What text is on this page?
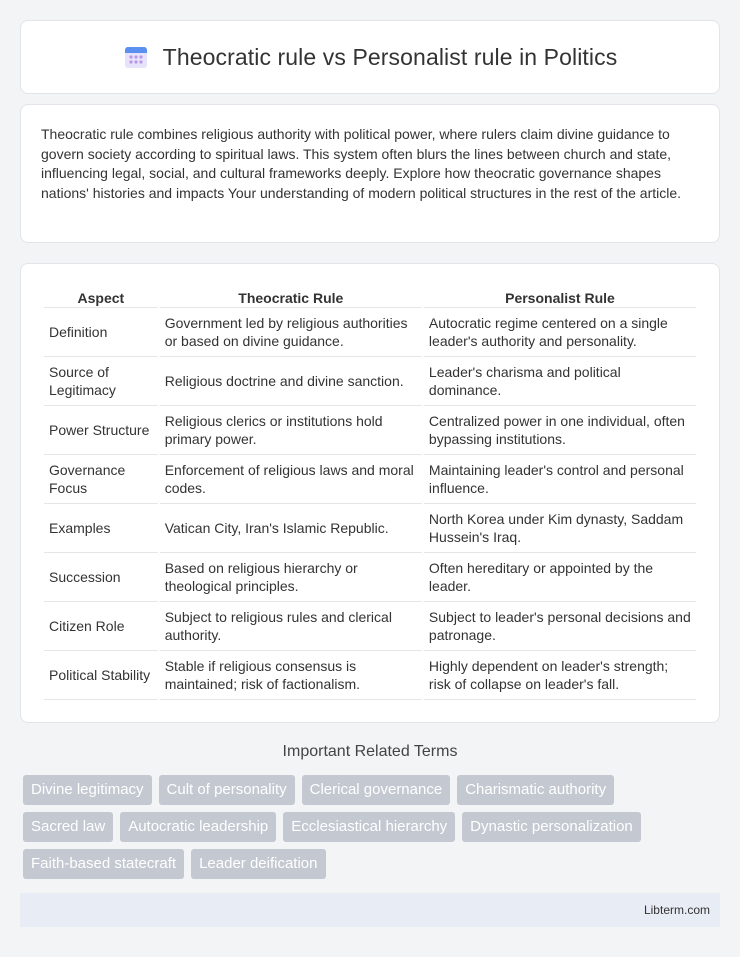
Theocratic rule vs Personalist rule in Politics

Theocratic rule combines religious authority with political power, where rulers claim divine guidance to govern society according to spiritual laws. This system often blurs the lines between church and state, influencing legal, social, and cultural frameworks deeply. Explore how theocratic governance shapes nations' histories and impacts Your understanding of modern political structures in the rest of the article.

Aspect	Theocratic Rule	Personalist Rule
Definition	Government led by religious authorities or based on divine guidance.	Autocratic regime centered on a single leader's authority and personality.
Source of Legitimacy	Religious doctrine and divine sanction.	Leader's charisma and political dominance.
Power Structure	Religious clerics or institutions hold primary power.	Centralized power in one individual, often bypassing institutions.
Governance Focus	Enforcement of religious laws and moral codes.	Maintaining leader's control and personal influence.
Examples	Vatican City, Iran's Islamic Republic.	North Korea under Kim dynasty, Saddam Hussein's Iraq.
Succession	Based on religious hierarchy or theological principles.	Often hereditary or appointed by the leader.
Citizen Role	Subject to religious rules and clerical authority.	Subject to leader's personal decisions and patronage.
Political Stability	Stable if religious consensus is maintained; risk of factionalism.	Highly dependent on leader's strength; risk of collapse on leader's fall.
Important Related Terms
Divine legitimacy	Cult of personality	Clerical governance	Charismatic authority
Sacred law	Autocratic leadership	Ecclesiastical hierarchy	Dynastic personalization
Faith-based statecraft	Leader deification
Libterm.com
